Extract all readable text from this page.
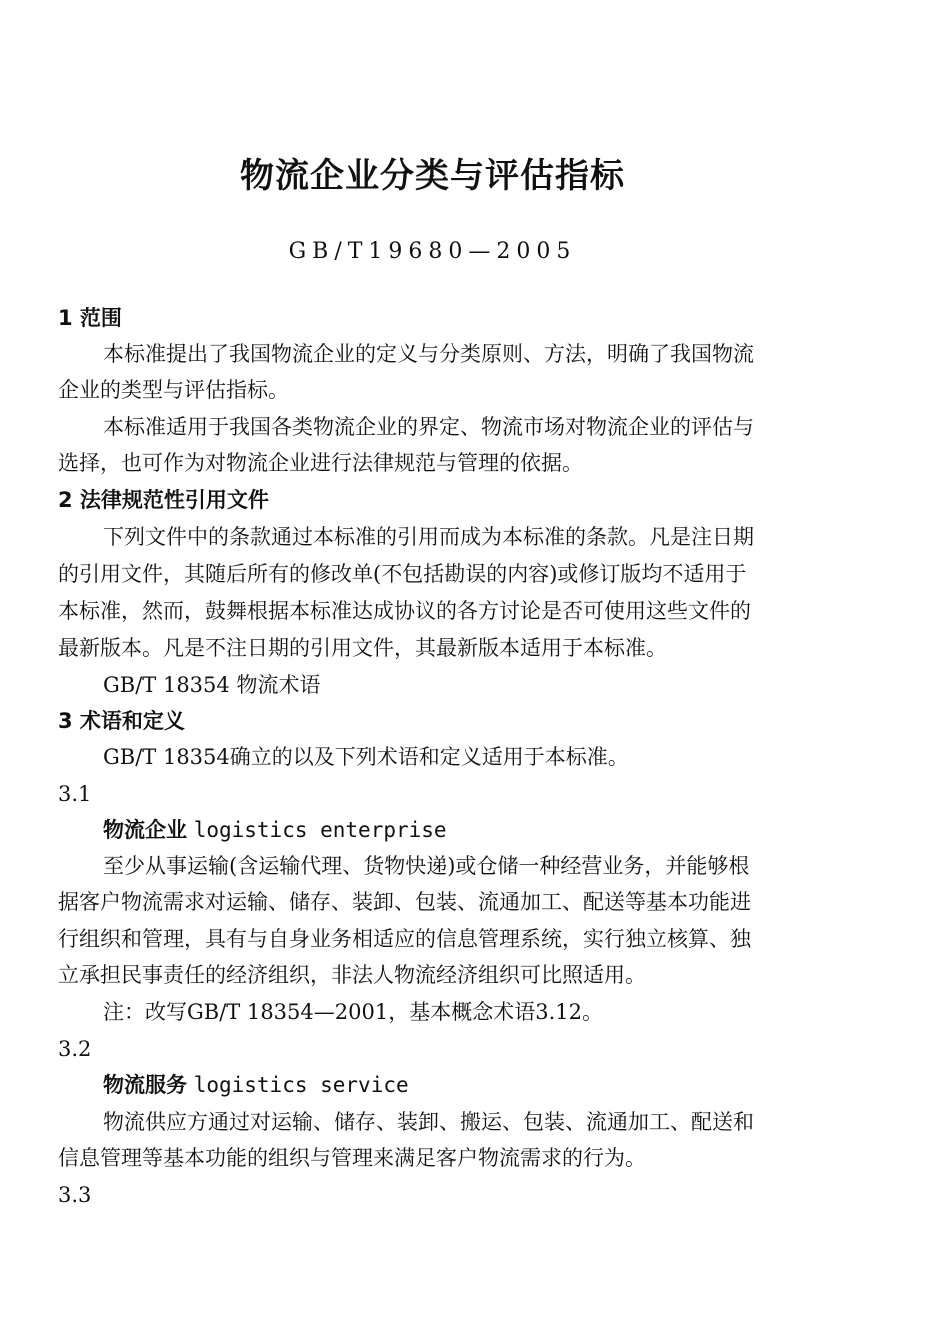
物流企业分类与评估指标
GB/T19680—2005
1 范围
本标准提出了我国物流企业的定义与分类原则、方法，明确了我国物流
企业的类型与评估指标。
本标准适用于我国各类物流企业的界定、物流市场对物流企业的评估与
选择，也可作为对物流企业进行法律规范与管理的依据。
2 法律规范性引用文件
下列文件中的条款通过本标准的引用而成为本标准的条款。凡是注日期
的引用文件，其随后所有的修改单(不包括勘误的内容)或修订版均不适用于
本标准，然而，鼓舞根据本标准达成协议的各方讨论是否可使用这些文件的
最新版本。凡是不注日期的引用文件，其最新版本适用于本标准。
GB/T 18354 物流术语
3 术语和定义
GB/T 18354确立的以及下列术语和定义适用于本标准。
3.1
物流企业 logistics enterprise
至少从事运输(含运输代理、货物快递)或仓储一种经营业务，并能够根
据客户物流需求对运输、储存、装卸、包装、流通加工、配送等基本功能进
行组织和管理，具有与自身业务相适应的信息管理系统，实行独立核算、独
立承担民事责任的经济组织，非法人物流经济组织可比照适用。
注：改写GB/T 18354—2001，基本概念术语3.12。
3.2
物流服务 logistics service
物流供应方通过对运输、储存、装卸、搬运、包装、流通加工、配送和
信息管理等基本功能的组织与管理来满足客户物流需求的行为。
3.3
